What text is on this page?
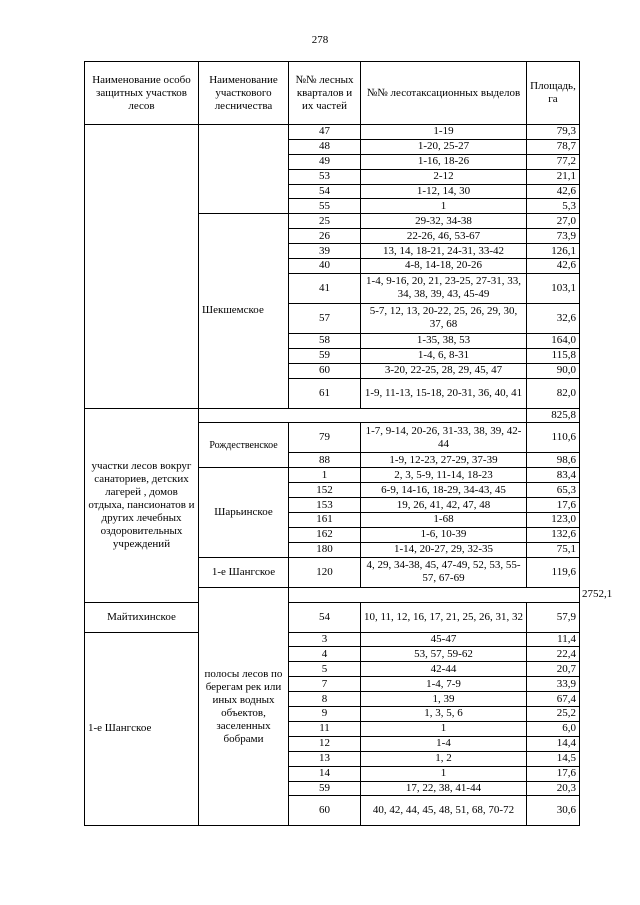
278
Наименование особо защитных участков лесов	Наименование участкового лесничества	№№ лесных кварталов и их частей	№№ лесотаксационных выделов	Площадь, га	
		47	1-19	79,3	
		48	1-20, 25-27	78,7	
		49	1-16, 18-26	77,2	
		53	2-12	21,1	
		54	1-12, 14, 30	42,6	
		55	1	5,3	
	Шекшемское	25	29-32, 34-38	27,0	
		26	22-26, 46, 53-67	73,9	
		39	13, 14, 18-21, 24-31, 33-42	126,1	
		40	4-8, 14-18, 20-26	42,6	
		41	1-4, 9-16, 20, 21, 23-25, 27-31, 33, 34, 38, 39, 43, 45-49	103,1	
		57	5-7, 12, 13, 20-22, 25, 26, 29, 30, 37, 68	32,6	
		58	1-35, 38, 53	164,0	
		59	1-4, 6, 8-31	115,8	
		60	3-20, 22-25, 28, 29, 45, 47	90,0	
		61	1-9, 11-13, 15-18, 20-31, 36, 40, 41	82,0	
участки лесов вокруг санаториев, детских лагерей , домов отдыха, пансионатов и других лечебных оздоровительных учреждений				825,8	
	Рождественское	79	1-7, 9-14, 20-26, 31-33, 38, 39, 42-44	110,6	
		88	1-9, 12-23, 27-29, 37-39	98,6	
	Шарьинское	1	2, 3, 5-9, 11-14, 18-23	83,4	
		152	6-9, 14-16, 18-29, 34-43, 45	65,3	
		153	19, 26, 41, 42, 47, 48	17,6	
		161	1-68	123,0	
		162	1-6, 10-39	132,6	
		180	1-14, 20-27, 29, 32-35	75,1	
	1-е Шангское	120	4, 29, 34-38, 45, 47-49, 52, 53, 55-57, 67-69	119,6	
	полосы лесов по берегам рек или иных водных объектов, заселенных бобрами				2752,1
Майтихинское		54	10, 11, 12, 16, 17, 21, 25, 26, 31, 32	57,9	
1-е Шангское		3	45-47	11,4	
		4	53, 57, 59-62	22,4	
		5	42-44	20,7	
		7	1-4, 7-9	33,9	
		8	1, 39	67,4	
		9	1, 3, 5, 6	25,2	
		11	1	6,0	
		12	1-4	14,4	
		13	1, 2	14,5	
		14	1	17,6	
		59	17, 22, 38, 41-44	20,3	
		60	40, 42, 44, 45, 48, 51, 68, 70-72	30,6	
